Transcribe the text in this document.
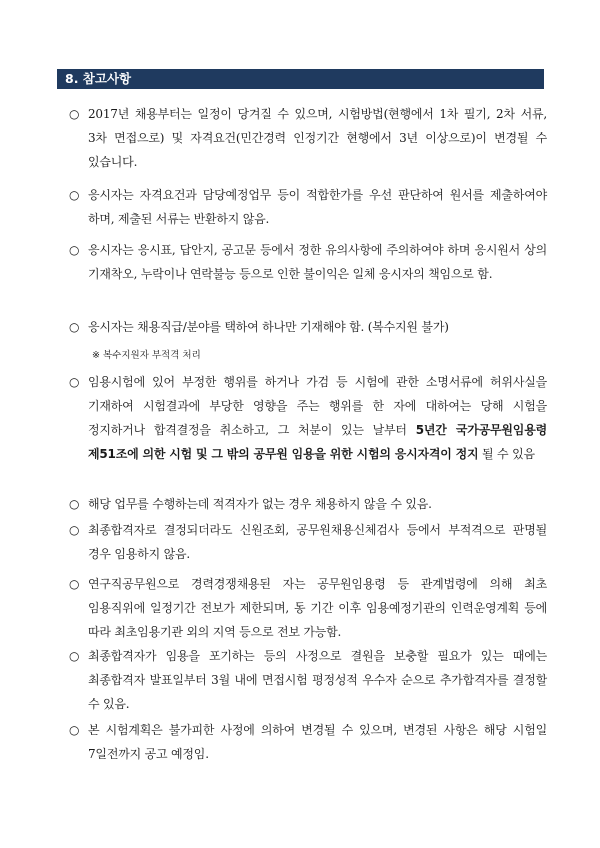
8. 참고사항
○ 2017년 채용부터는 일정이 당겨질 수 있으며, 시험방법(현행에서 1차 필기, 2차 서류, 3차 면접으로) 및 자격요건(민간경력 인정기간 현행에서 3년 이상으로)이 변경될 수 있습니다.
○ 응시자는 자격요건과 담당예정업무 등이 적합한가를 우선 판단하여 원서를 제출하여야 하며, 제출된 서류는 반환하지 않음.
○ 응시자는 응시표, 답안지, 공고문 등에서 정한 유의사항에 주의하여야 하며 응시원서 상의 기재착오, 누락이나 연락불능 등으로 인한 불이익은 일체 응시자의 책임으로 함.
○ 응시자는 채용직급/분야를 택하여 하나만 기재해야 함. (복수지원 불가)
※ 복수지원자 부적격 처리
○ 임용시험에 있어 부정한 행위를 하거나 가검 등 시험에 관한 소명서류에 허위사실을 기재하여 시험결과에 부당한 영향을 주는 행위를 한 자에 대하여는 당해 시험을 정지하거나 합격결정을 취소하고, 그 처분이 있는 날부터 5년간 국가공무원임용령 제51조에 의한 시험 및 그 밖의 공무원 임용을 위한 시험의 응시자격이 정지 될 수 있음
○ 해당 업무를 수행하는데 적격자가 없는 경우 채용하지 않을 수 있음.
○ 최종합격자로 결정되더라도 신원조회, 공무원채용신체검사 등에서 부적격으로 판명될 경우 임용하지 않음.
○ 연구직공무원으로 경력경쟁채용된 자는 공무원임용령 등 관계법령에 의해 최초 임용직위에 일정기간 전보가 제한되며, 동 기간 이후 임용예정기관의 인력운영계획 등에 따라 최초임용기관 외의 지역 등으로 전보 가능함.
○ 최종합격자가 임용을 포기하는 등의 사정으로 결원을 보충할 필요가 있는 때에는 최종합격자 발표일부터 3월 내에 면접시험 평정성적 우수자 순으로 추가합격자를 결정할 수 있음.
○ 본 시험계획은 불가피한 사정에 의하여 변경될 수 있으며, 변경된 사항은 해당 시험일 7일전까지 공고 예정임.
